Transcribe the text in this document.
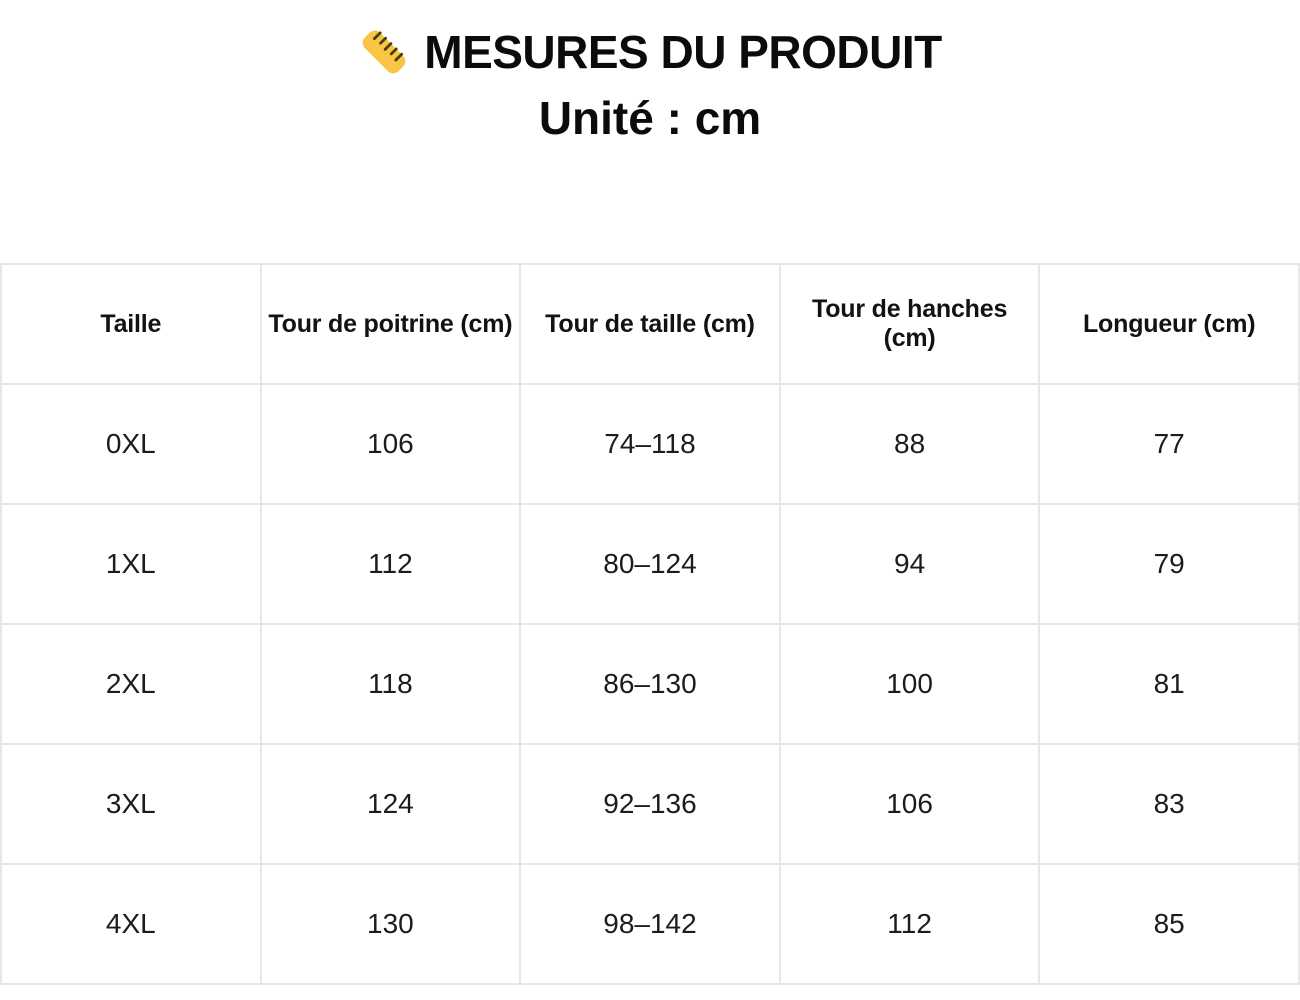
MESURES DU PRODUIT
Unité : cm
Taille	Tour de poitrine (cm)	Tour de taille (cm)	Tour de hanches (cm)	Longueur (cm)
0XL	106	74–118	88	77
1XL	112	80–124	94	79
2XL	118	86–130	100	81
3XL	124	92–136	106	83
4XL	130	98–142	112	85
